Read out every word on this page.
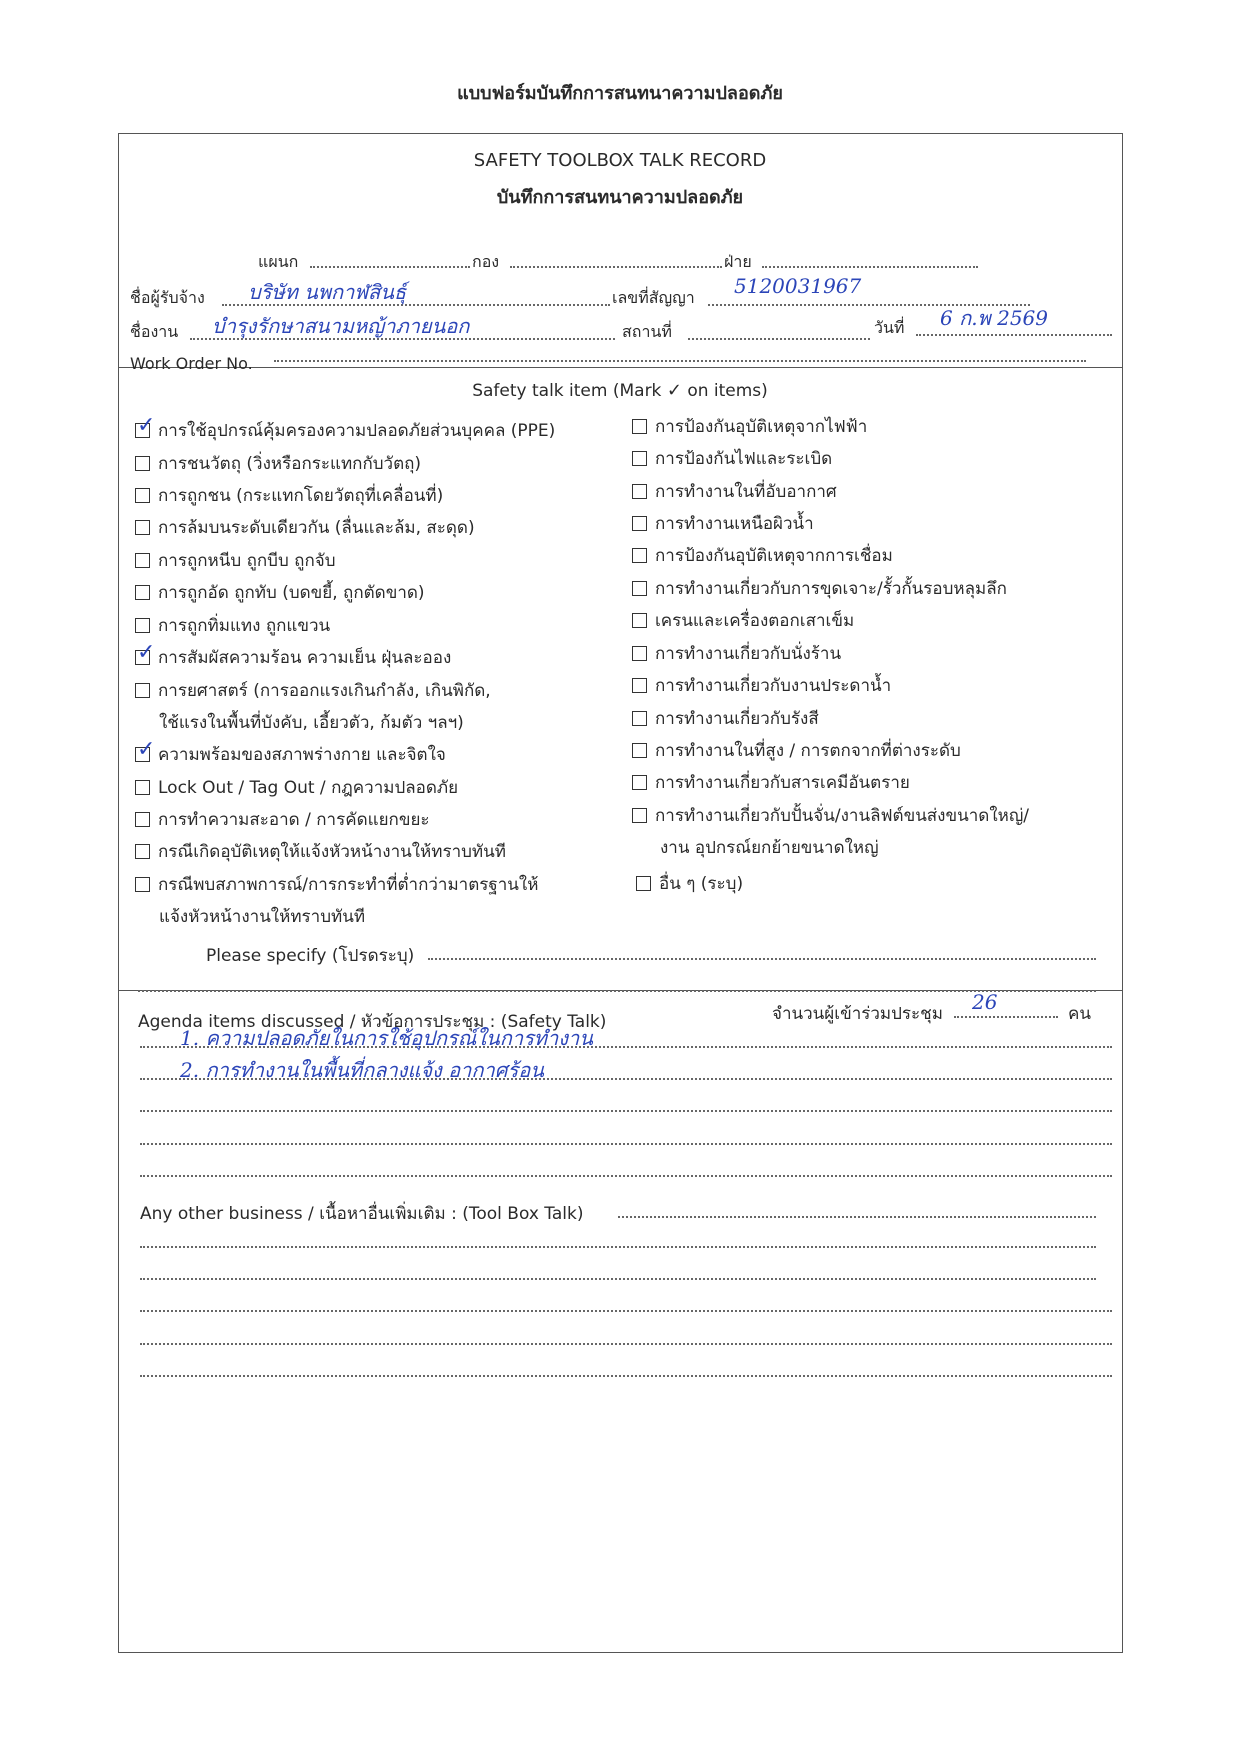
แบบฟอร์มบันทึกการสนทนาความปลอดภัย
SAFETY TOOLBOX TALK RECORD
บันทึกการสนทนาความปลอดภัย
แผนก	กอง	ฝ่าย
ชื่อผู้รับจ้าง บริษัท นพกาฬสินธุ์	เลขที่สัญญา 5120031967
ชื่องาน บำรุงรักษาสนามหญ้าภายนอก	สถานที่	วันที่ 6 ก.พ 2569
Work Order No.
Safety talk item (Mark ✓ on items)
✓ การใช้อุปกรณ์คุ้มครองความปลอดภัยส่วนบุคคล (PPE)
การชนวัตถุ (วิ่งหรือกระแทกกับวัตถุ)
การถูกชน (กระแทกโดยวัตถุที่เคลื่อนที่)
การล้มบนระดับเดียวกัน (ลื่นและล้ม, สะดุด)
การถูกหนีบ ถูกบีบ ถูกจับ
การถูกอัด ถูกทับ (บดขยี้, ถูกตัดขาด)
การถูกทิ่มแทง ถูกแขวน
✓ การสัมผัสความร้อน ความเย็น ฝุ่นละออง
การยศาสตร์ (การออกแรงเกินกำลัง, เกินพิกัด,
ใช้แรงในพื้นที่บังคับ, เอี้ยวตัว, ก้มตัว ฯลฯ)
✓ ความพร้อมของสภาพร่างกาย และจิตใจ
Lock Out / Tag Out / กฎความปลอดภัย
การทำความสะอาด / การคัดแยกขยะ
กรณีเกิดอุบัติเหตุให้แจ้งหัวหน้างานให้ทราบทันที
กรณีพบสภาพการณ์/การกระทำที่ต่ำกว่ามาตรฐานให้
แจ้งหัวหน้างานให้ทราบทันที
การป้องกันอุบัติเหตุจากไฟฟ้า
การป้องกันไฟและระเบิด
การทำงานในที่อับอากาศ
การทำงานเหนือผิวน้ำ
การป้องกันอุบัติเหตุจากการเชื่อม
การทำงานเกี่ยวกับการขุดเจาะ/รั้วกั้นรอบหลุมลึก
เครนและเครื่องตอกเสาเข็ม
การทำงานเกี่ยวกับนั่งร้าน
การทำงานเกี่ยวกับงานประดาน้ำ
การทำงานเกี่ยวกับรังสี
การทำงานในที่สูง / การตกจากที่ต่างระดับ
การทำงานเกี่ยวกับสารเคมีอันตราย
การทำงานเกี่ยวกับปั้นจั่น/งานลิฟต์ขนส่งขนาดใหญ่/
งาน อุปกรณ์ยกย้ายขนาดใหญ่
อื่น ๆ (ระบุ)
Please specify (โปรดระบุ)
Agenda items discussed / หัวข้อการประชุม : (Safety Talk)	จำนวนผู้เข้าร่วมประชุม 26	คน
1. ความปลอดภัยในการใช้อุปกรณ์ในการทำงาน
2. การทำงานในพื้นที่กลางแจ้ง อากาศร้อน
Any other business / เนื้อหาอื่นเพิ่มเติม : (Tool Box Talk)
